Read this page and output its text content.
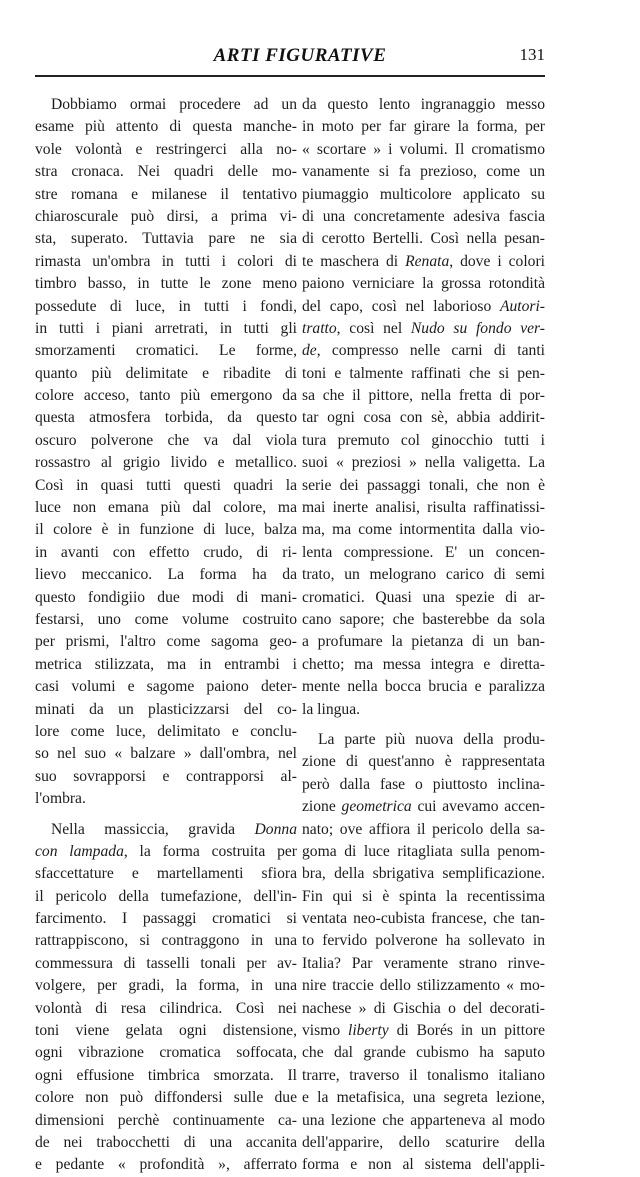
ARTI FIGURATIVE	131
Dobbiamo ormai procedere ad un
esame più attento di questa manche-
vole volontà e restringerci alla no-
stra cronaca. Nei quadri delle mo-
stre romana e milanese il tentativo
chiaroscurale può dirsi, a prima vi-
sta, superato. Tuttavia pare ne sia
rimasta un'ombra in tutti i colori di
timbro basso, in tutte le zone meno
possedute di luce, in tutti i fondi,
in tutti i piani arretrati, in tutti gli
smorzamenti cromatici. Le forme,
quanto più delimitate e ribadite di
colore acceso, tanto più emergono da
questa atmosfera torbida, da questo
oscuro polverone che va dal viola
rossastro al grigio livido e metallico.
Così in quasi tutti questi quadri la
luce non emana più dal colore, ma
il colore è in funzione di luce, balza
in avanti con effetto crudo, di ri-
lievo meccanico. La forma ha da
questo fondigiio due modi di mani-
festarsi, uno come volume costruito
per prismi, l'altro come sagoma geo-
metrica stilizzata, ma in entrambi i
casi volumi e sagome paiono deter-
minati da un plasticizzarsi del co-
lore come luce, delimitato e conclu-
so nel suo « balzare » dall'ombra, nel
suo sovrapporsi e contrapporsi al-
l'ombra.
Nella massiccia, gravida Donna
con lampada, la forma costruita per
sfaccettature e martellamenti sfiora
il pericolo della tumefazione, dell'in-
farcimento. I passaggi cromatici si
rattrappiscono, si contraggono in una
commessura di tasselli tonali per av-
volgere, per gradi, la forma, in una
volontà di resa cilindrica. Così nei
toni viene gelata ogni distensione,
ogni vibrazione cromatica soffocata,
ogni effusione timbrica smorzata. Il
colore non può diffondersi sulle due
dimensioni perchè continuamente ca-
de nei trabocchetti di una accanita
e pedante « profondità », afferrato
da questo lento ingranaggio messo
in moto per far girare la forma, per
« scortare » i volumi. Il cromatismo
vanamente si fa prezioso, come un
piumaggio multicolore applicato su
di una concretamente adesiva fascia
di cerotto Bertelli. Così nella pesan-
te maschera di Renata, dove i colori
paiono verniciare la grossa rotondità
del capo, così nel laborioso Autori-
tratto, così nel Nudo su fondo ver-
de, compresso nelle carni di tanti
toni e talmente raffinati che si pen-
sa che il pittore, nella fretta di por-
tar ogni cosa con sè, abbia addirit-
tura premuto col ginocchio tutti i
suoi « preziosi » nella valigetta. La
serie dei passaggi tonali, che non è
mai inerte analisi, risulta raffinatissi-
ma, ma come intormentita dalla vio-
lenta compressione. E' un concen-
trato, un melograno carico di semi
cromatici. Quasi una spezie di ar-
cano sapore; che basterebbe da sola
a profumare la pietanza di un ban-
chetto; ma messa integra e diretta-
mente nella bocca brucia e paralizza
la lingua.
La parte più nuova della produ-
zione di quest'anno è rappresentata
però dalla fase o piuttosto inclina-
zione geometrica cui avevamo accen-
nato; ove affiora il pericolo della sa-
goma di luce ritagliata sulla penom-
bra, della sbrigativa semplificazione.
Fin qui si è spinta la recentissima
ventata neo-cubista francese, che tan-
to fervido polverone ha sollevato in
Italia? Par veramente strano rinve-
nire traccie dello stilizzamento « mo-
nachese » di Gischia o del decorati-
vismo liberty di Borés in un pittore
che dal grande cubismo ha saputo
trarre, traverso il tonalismo italiano
e la metafisica, una segreta lezione,
una lezione che apparteneva al modo
dell'apparire, dello scaturire della
forma e non al sistema dell'appli-
